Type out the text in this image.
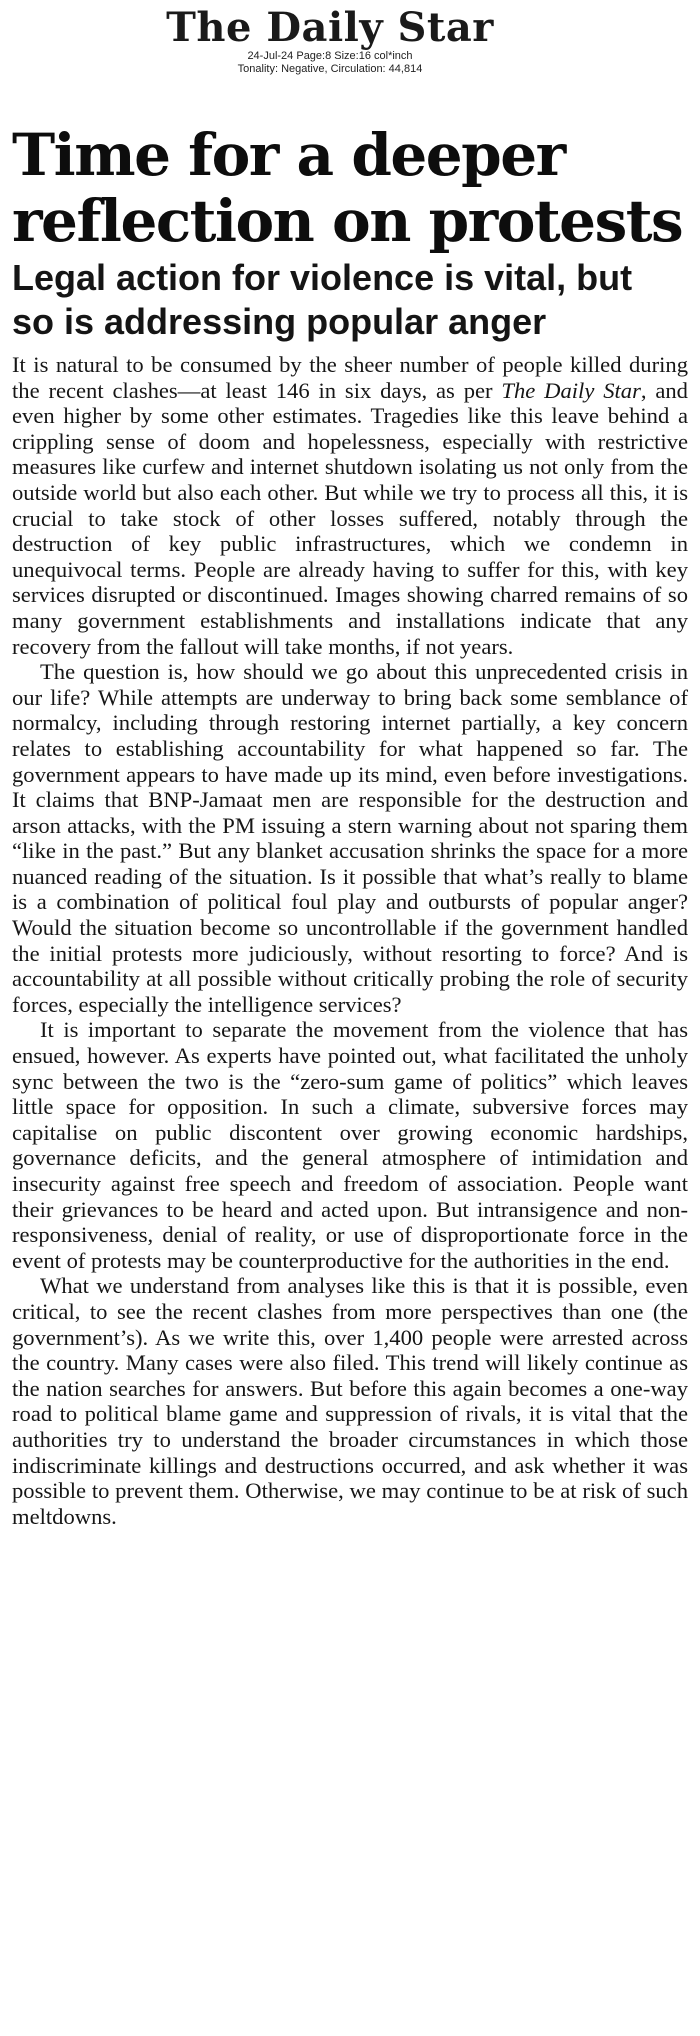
The Daily Star
24-Jul-24 Page:8 Size:16 col*inch
Tonality: Negative, Circulation: 44,814
Time for a deeper reflection on protests
Legal action for violence is vital, but so is addressing popular anger

It is natural to be consumed by the sheer number of people killed during the recent clashes—at least 146 in six days, as per The Daily Star, and even higher by some other estimates. Tragedies like this leave behind a crippling sense of doom and hopelessness, especially with restrictive measures like curfew and internet shutdown isolating us not only from the outside world but also each other. But while we try to process all this, it is crucial to take stock of other losses suffered, notably through the destruction of key public infrastructures, which we condemn in unequivocal terms. People are already having to suffer for this, with key services disrupted or discontinued. Images showing charred remains of so many government establishments and installations indicate that any recovery from the fallout will take months, if not years.

The question is, how should we go about this unprecedented crisis in our life? While attempts are underway to bring back some semblance of normalcy, including through restoring internet partially, a key concern relates to establishing accountability for what happened so far. The government appears to have made up its mind, even before investigations. It claims that BNP-Jamaat men are responsible for the destruction and arson attacks, with the PM issuing a stern warning about not sparing them “like in the past.” But any blanket accusation shrinks the space for a more nuanced reading of the situation. Is it possible that what’s really to blame is a combination of political foul play and outbursts of popular anger? Would the situation become so uncontrollable if the government handled the initial protests more judiciously, without resorting to force? And is accountability at all possible without critically probing the role of security forces, especially the intelligence services?

It is important to separate the movement from the violence that has ensued, however. As experts have pointed out, what facilitated the unholy sync between the two is the “zero-sum game of politics” which leaves little space for opposition. In such a climate, subversive forces may capitalise on public discontent over growing economic hardships, governance deficits, and the general atmosphere of intimidation and insecurity against free speech and freedom of association. People want their grievances to be heard and acted upon. But intransigence and non-responsiveness, denial of reality, or use of disproportionate force in the event of protests may be counterproductive for the authorities in the end.

What we understand from analyses like this is that it is possible, even critical, to see the recent clashes from more perspectives than one (the government’s). As we write this, over 1,400 people were arrested across the country. Many cases were also filed. This trend will likely continue as the nation searches for answers. But before this again becomes a one-way road to political blame game and suppression of rivals, it is vital that the authorities try to understand the broader circumstances in which those indiscriminate killings and destructions occurred, and ask whether it was possible to prevent them. Otherwise, we may continue to be at risk of such meltdowns.
